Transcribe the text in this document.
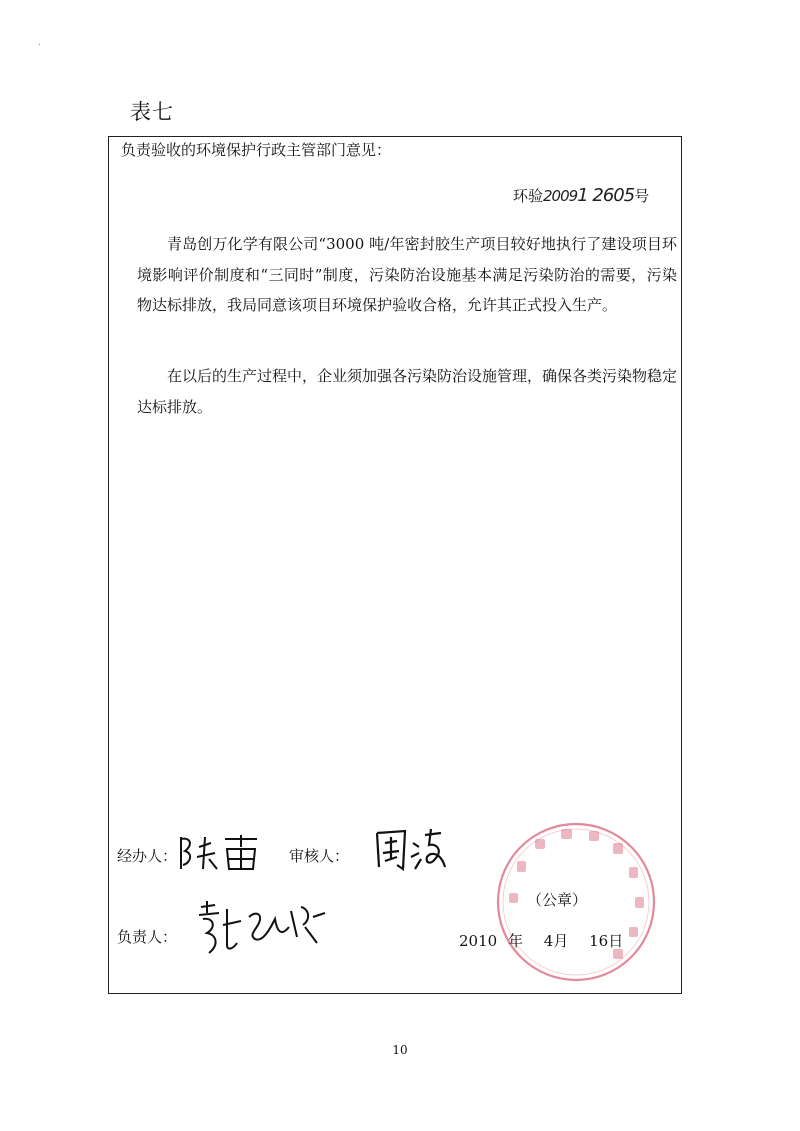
·
表七
负责验收的环境保护行政主管部门意见：
环验20091 2605号

青岛创万化学有限公司“3000 吨/年密封胶生产项目较好地执行了建设项目环境影响评价制度和“三同时”制度，污染防治设施基本满足污染防治的需要，污染物达标排放，我局同意该项目环境保护验收合格，允许其正式投入生产。

在以后的生产过程中，企业须加强各污染防治设施管理，确保各类污染物稳定达标排放。

经办人：	审核人：
负责人：
（公章）
2010 年 4月 16日
10
